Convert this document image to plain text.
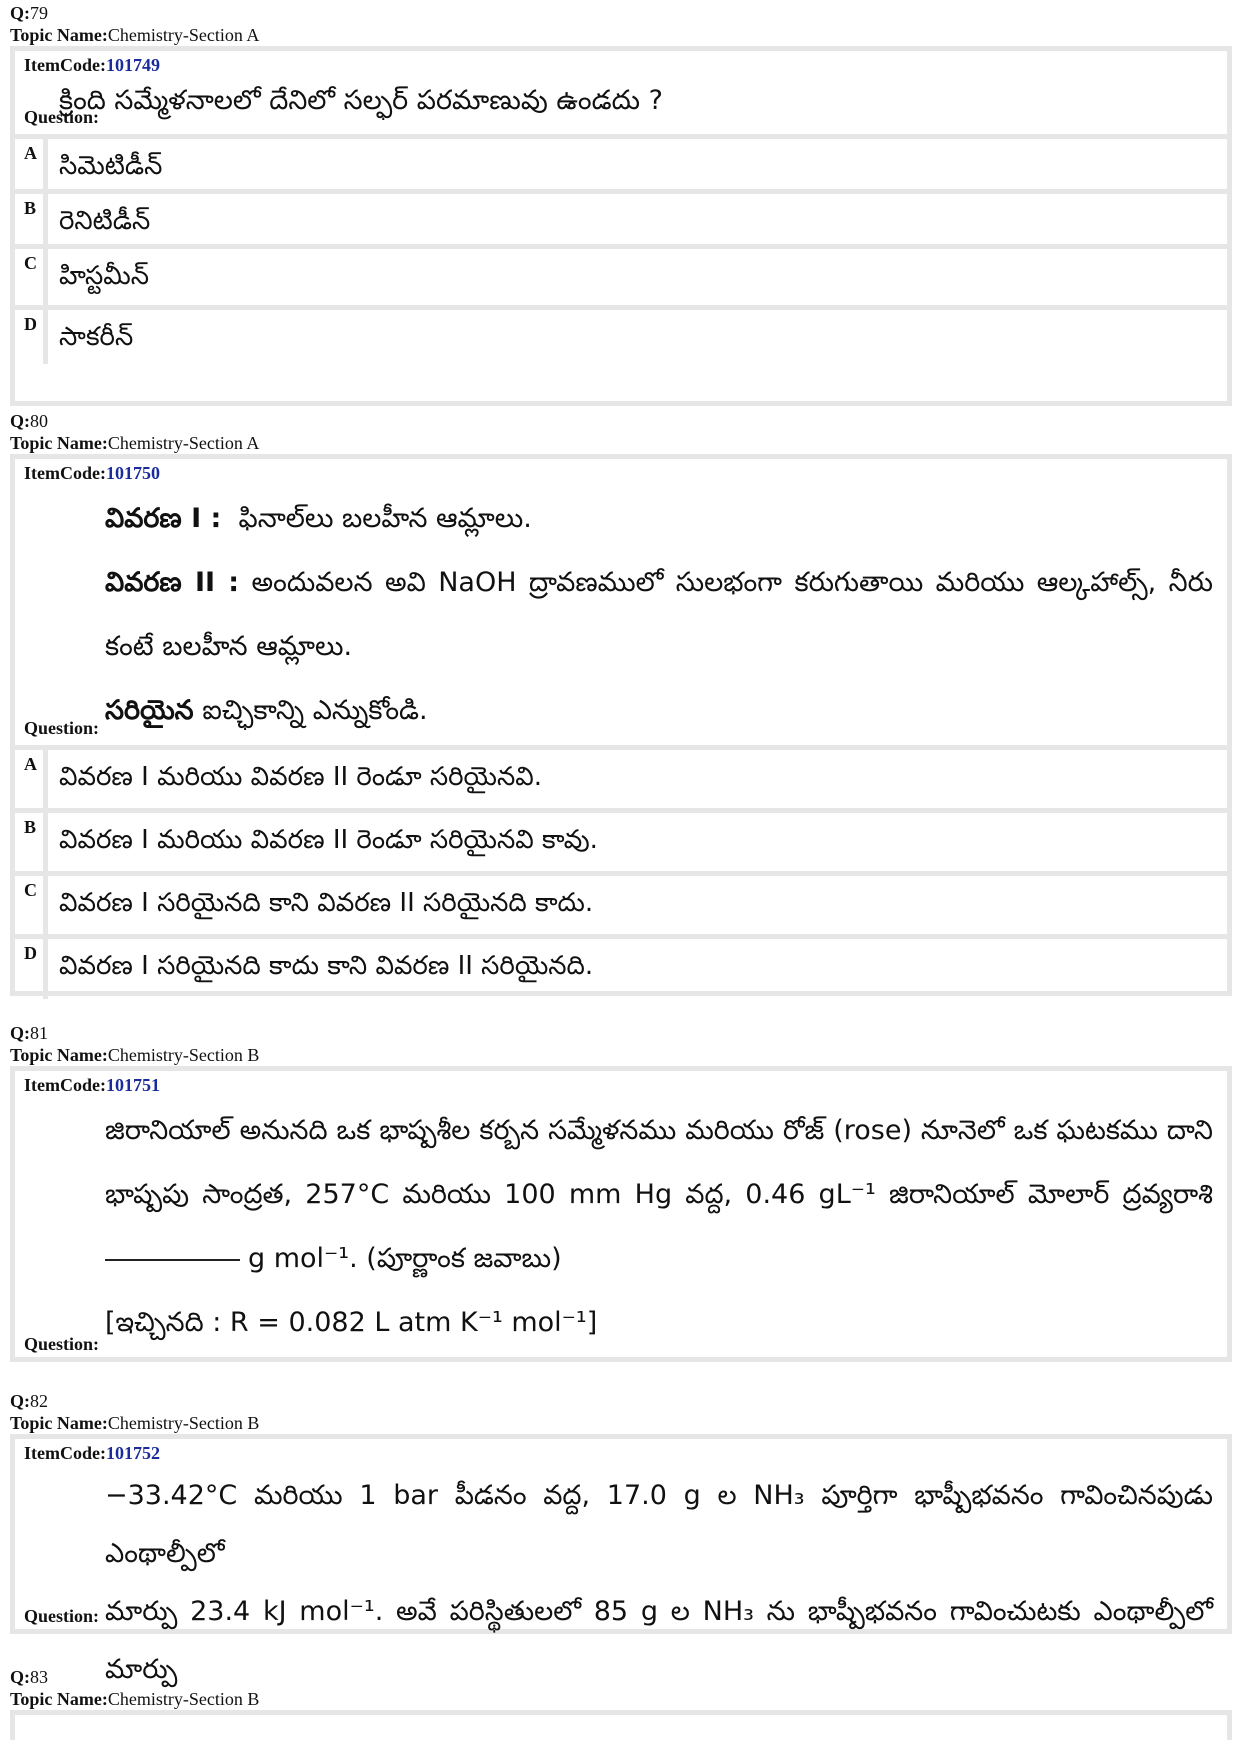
Q:79
Topic Name:Chemistry-Section A
ItemCode:101749
Question:
క్రింది సమ్మేళనాలలో దేనిలో సల్ఫర్ పరమాణువు ఉండదు ?
A సిమెటిడీన్
B రెనిటిడీన్
C హిస్టమీన్
D సాకరీన్
Q:80
Topic Name:Chemistry-Section A
ItemCode:101750
Question:
వివరణ I : ఫినాల్‌లు బలహీన ఆమ్లాలు.
వివరణ II : అందువలన అవి NaOH ద్రావణములో సులభంగా కరుగుతాయి మరియు ఆల్కహాల్స్, నీరు
కంటే బలహీన ఆమ్లాలు.
సరియైన ఐచ్ఛికాన్ని ఎన్నుకోండి.
A వివరణ I మరియు వివరణ II రెండూ సరియైనవి.
B వివరణ I మరియు వివరణ II రెండూ సరియైనవి కావు.
C వివరణ I సరియైనది కాని వివరణ II సరియైనది కాదు.
D వివరణ I సరియైనది కాదు కాని వివరణ II సరియైనది.
Q:81
Topic Name:Chemistry-Section B
ItemCode:101751
Question:
జిరానియాల్ అనునది ఒక భాష్పశీల కర్బన సమ్మేళనము మరియు రోజ్ (rose) నూనెలో ఒక ఘటకము దాని
భాష్పపు సాంద్రత, 257°C మరియు 100 mm Hg వద్ద, 0.46 gL⁻¹ జిరానియాల్ మోలార్ ద్రవ్యరాశి
g mol⁻¹. (పూర్ణాంక జవాబు)
[ఇచ్చినది : R = 0.082 L atm K⁻¹ mol⁻¹]
Q:82
Topic Name:Chemistry-Section B
ItemCode:101752
Question:
−33.42°C మరియు 1 bar పీడనం వద్ద, 17.0 g ల NH₃ పూర్తిగా భాష్పీభవనం గావించినపుడు ఎంథాల్పీలో
మార్పు 23.4 kJ mol⁻¹. అవే పరిస్థితులలో 85 g ల NH₃ ను భాష్పీభవనం గావించుటకు ఎంథాల్పీలో మార్పు
Q:83
Topic Name:Chemistry-Section B
